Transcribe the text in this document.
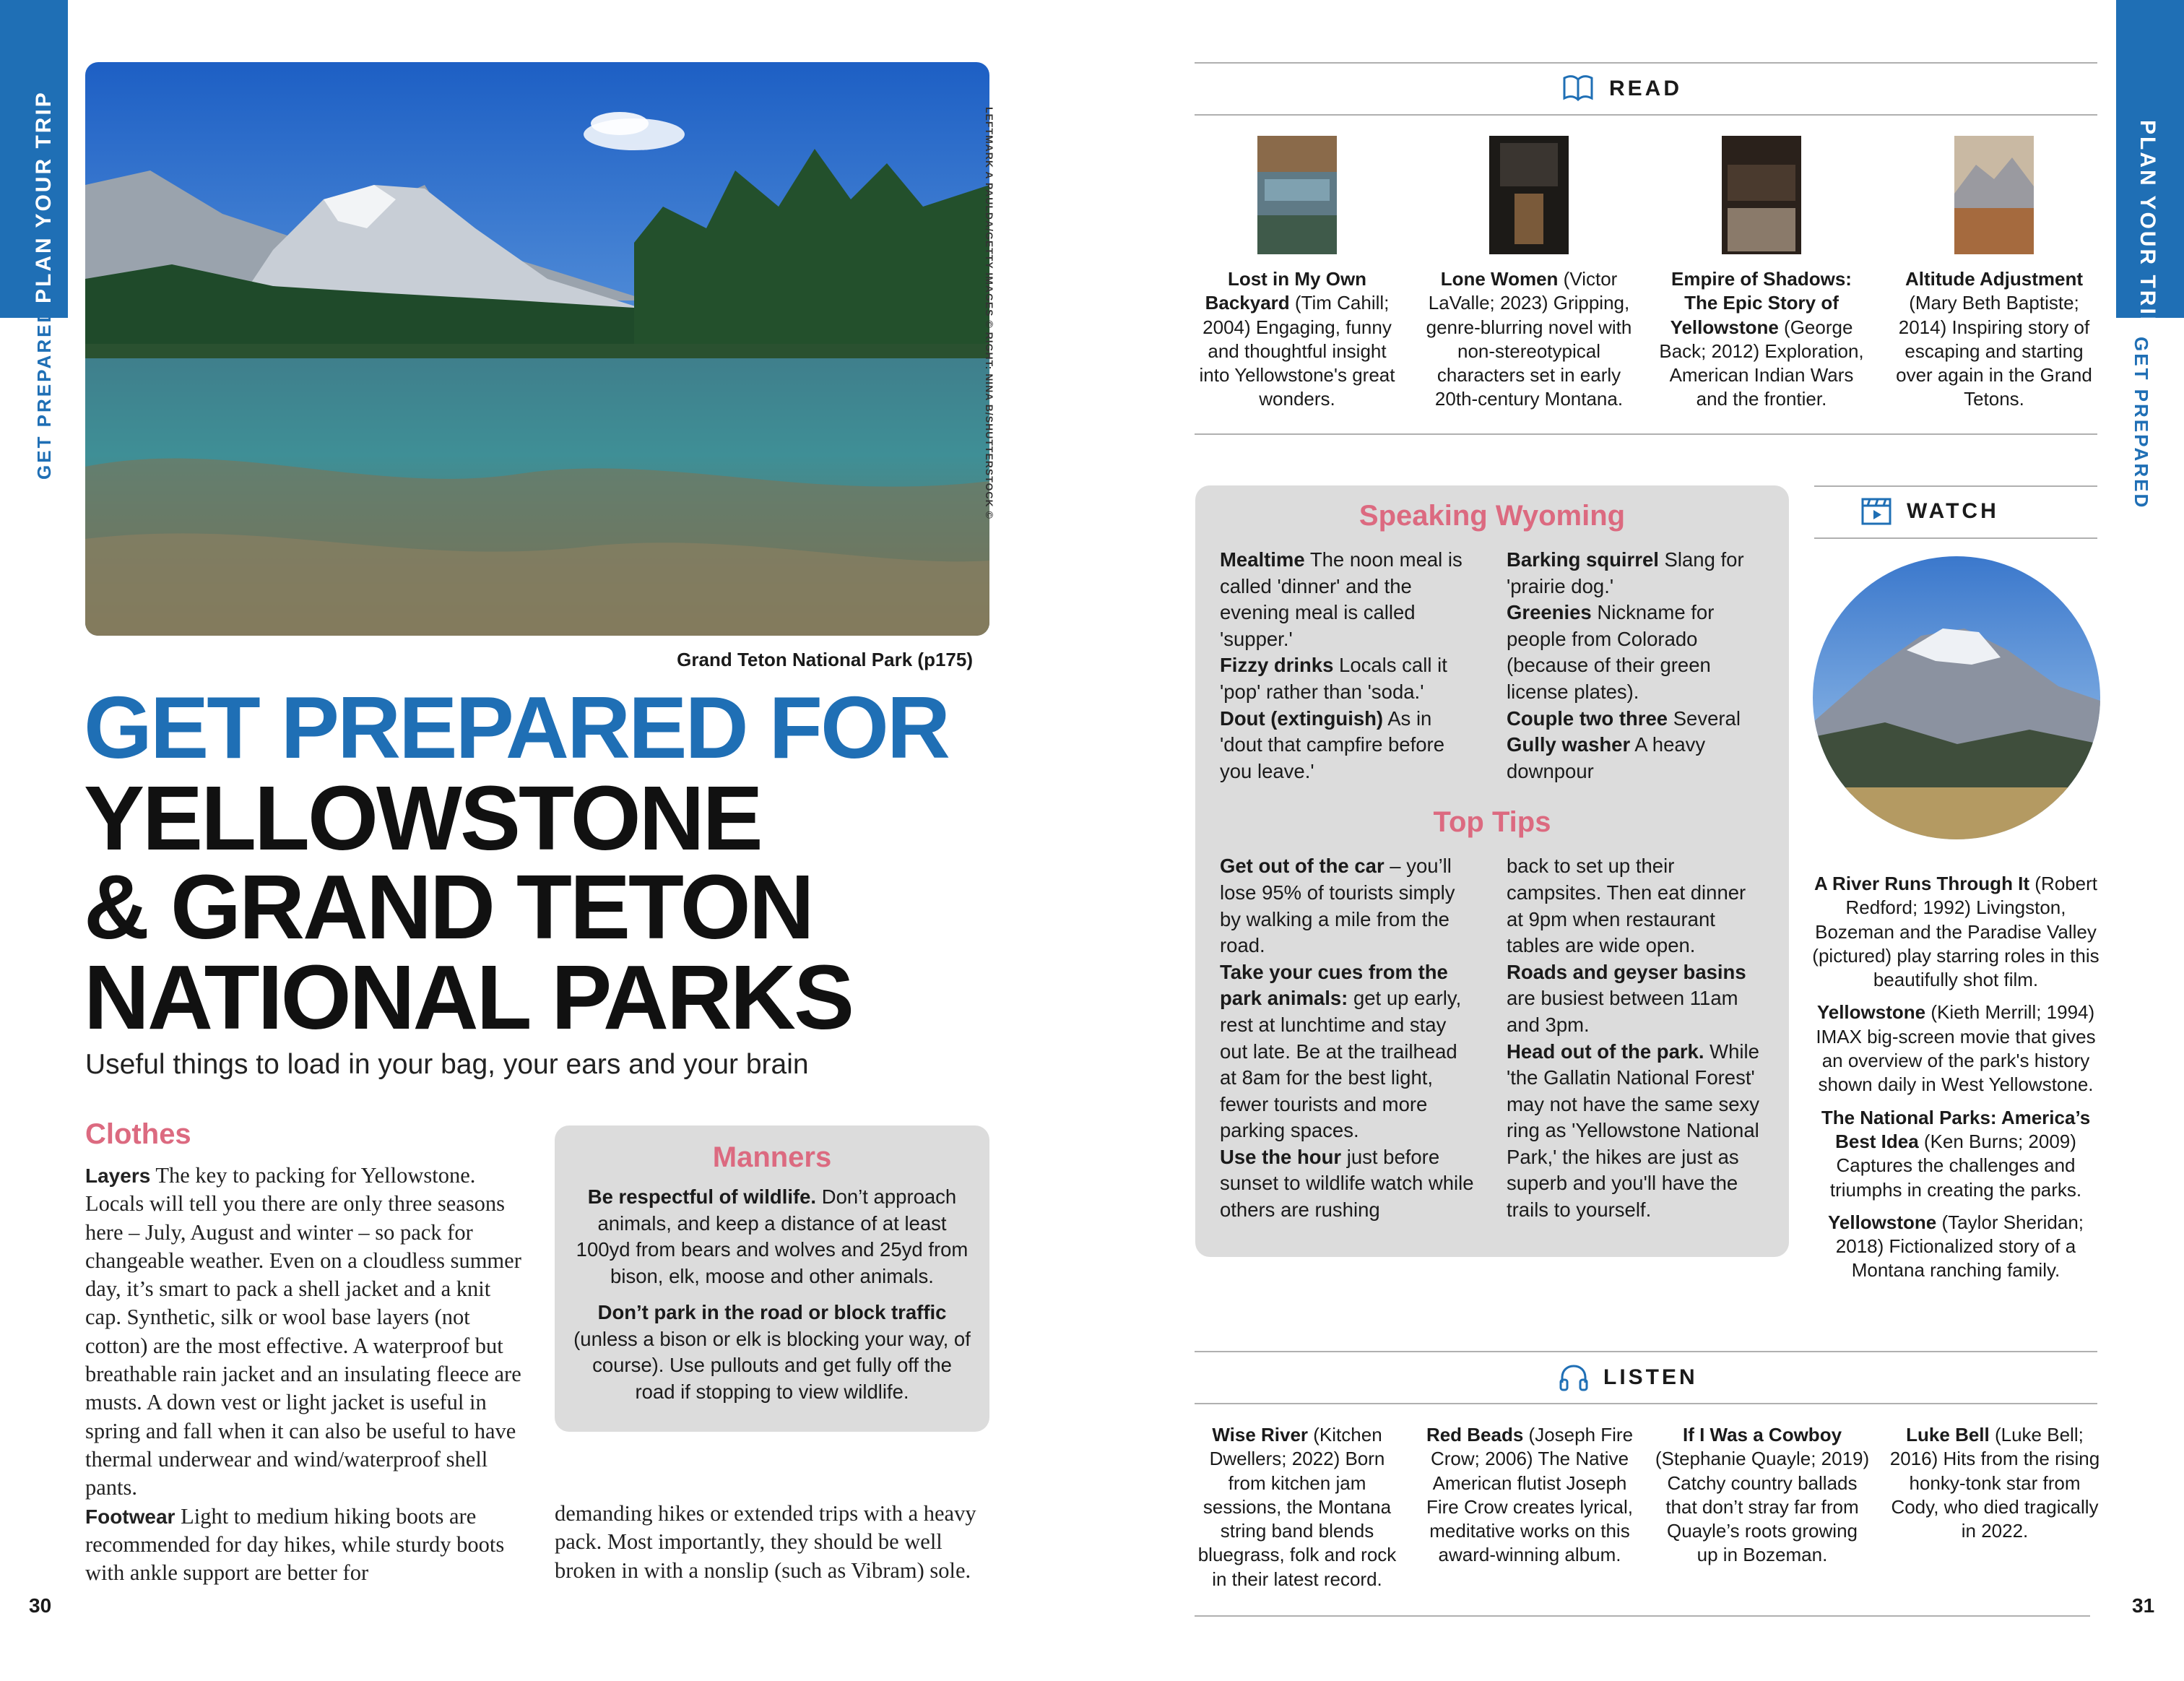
PLAN YOUR TRIP
GET PREPARED
30
LEFTMARK A PAULDA/GETTY IMAGES © RIGHT: NINA B/SHUTTERSTOCK ©
Grand Teton National Park (p175)
GET PREPARED FOR
YELLOWSTONE
& GRAND TETON
NATIONAL PARKS
Useful things to load in your bag, your ears and your brain
Clothes
Layers The key to packing for Yellowstone. Locals will tell you there are only three seasons here – July, August and winter – so pack for changeable weather. Even on a cloudless summer day, it’s smart to pack a shell jacket and a knit cap. Synthetic, silk or wool base layers (not cotton) are the most effective. A waterproof but breathable rain jacket and an insulating fleece are musts. A down vest or light jacket is useful in spring and fall when it can also be useful to have thermal underwear and wind/waterproof shell pants.
Footwear Light to medium hiking boots are recommended for day hikes, while sturdy boots with ankle support are better for
demanding hikes or extended trips with a heavy pack. Most importantly, they should be well broken in with a nonslip (such as Vibram) sole.
Manners

Be respectful of wildlife. Don’t approach animals, and keep a distance of at least 100yd from bears and wolves and 25yd from bison, elk, moose and other animals.

Don’t park in the road or block traffic (unless a bison or elk is blocking your way, of course). Use pullouts and get fully off the road if stopping to view wildlife.

PLAN YOUR TRIP
GET PREPARED
31
READ
Lost in My Own Backyard (Tim Cahill; 2004) Engaging, funny and thoughtful insight into Yellowstone's great wonders.
Lone Women (Victor LaValle; 2023) Gripping, genre-blurring novel with non-stereotypical characters set in early 20th-century Montana.
Empire of Shadows: The Epic Story of Yellowstone (George Back; 2012) Exploration, American Indian Wars and the frontier.
Altitude Adjustment (Mary Beth Baptiste; 2014) Inspiring story of escaping and starting over again in the Grand Tetons.
Speaking Wyoming
Mealtime The noon meal is called 'dinner' and the evening meal is called 'supper.'
Fizzy drinks Locals call it 'pop' rather than 'soda.'
Dout (extinguish) As in 'dout that campfire before you leave.'
Barking squirrel Slang for 'prairie dog.'
Greenies Nickname for people from Colorado (because of their green license plates).
Couple two three Several
Gully washer A heavy downpour
Top Tips
Get out of the car – you’ll lose 95% of tourists simply by walking a mile from the road.
Take your cues from the park animals: get up early, rest at lunchtime and stay out late. Be at the trailhead at 8am for the best light, fewer tourists and more parking spaces.
Use the hour just before sunset to wildlife watch while others are rushing
back to set up their campsites. Then eat dinner at 9pm when restaurant tables are wide open.
Roads and geyser basins are busiest between 11am and 3pm.
Head out of the park. While 'the Gallatin National Forest' may not have the same sexy ring as 'Yellowstone National Park,' the hikes are just as superb and you'll have the trails to yourself.
WATCH

A River Runs Through It (Robert Redford; 1992) Livingston, Bozeman and the Paradise Valley (pictured) play starring roles in this beautifully shot film.

Yellowstone (Kieth Merrill; 1994) IMAX big-screen movie that gives an overview of the park's history shown daily in West Yellowstone.

The National Parks: America’s Best Idea (Ken Burns; 2009) Captures the challenges and triumphs in creating the parks.

Yellowstone (Taylor Sheridan; 2018) Fictionalized story of a Montana ranching family.

LISTEN
Wise River (Kitchen Dwellers; 2022) Born from kitchen jam sessions, the Montana string band blends bluegrass, folk and rock in their latest record.
Red Beads (Joseph Fire Crow; 2006) The Native American flutist Joseph Fire Crow creates lyrical, meditative works on this award-winning album.
If I Was a Cowboy (Stephanie Quayle; 2019) Catchy country ballads that don’t stray far from Quayle’s roots growing up in Bozeman.
Luke Bell (Luke Bell; 2016) Hits from the rising honky-tonk star from Cody, who died tragically in 2022.
